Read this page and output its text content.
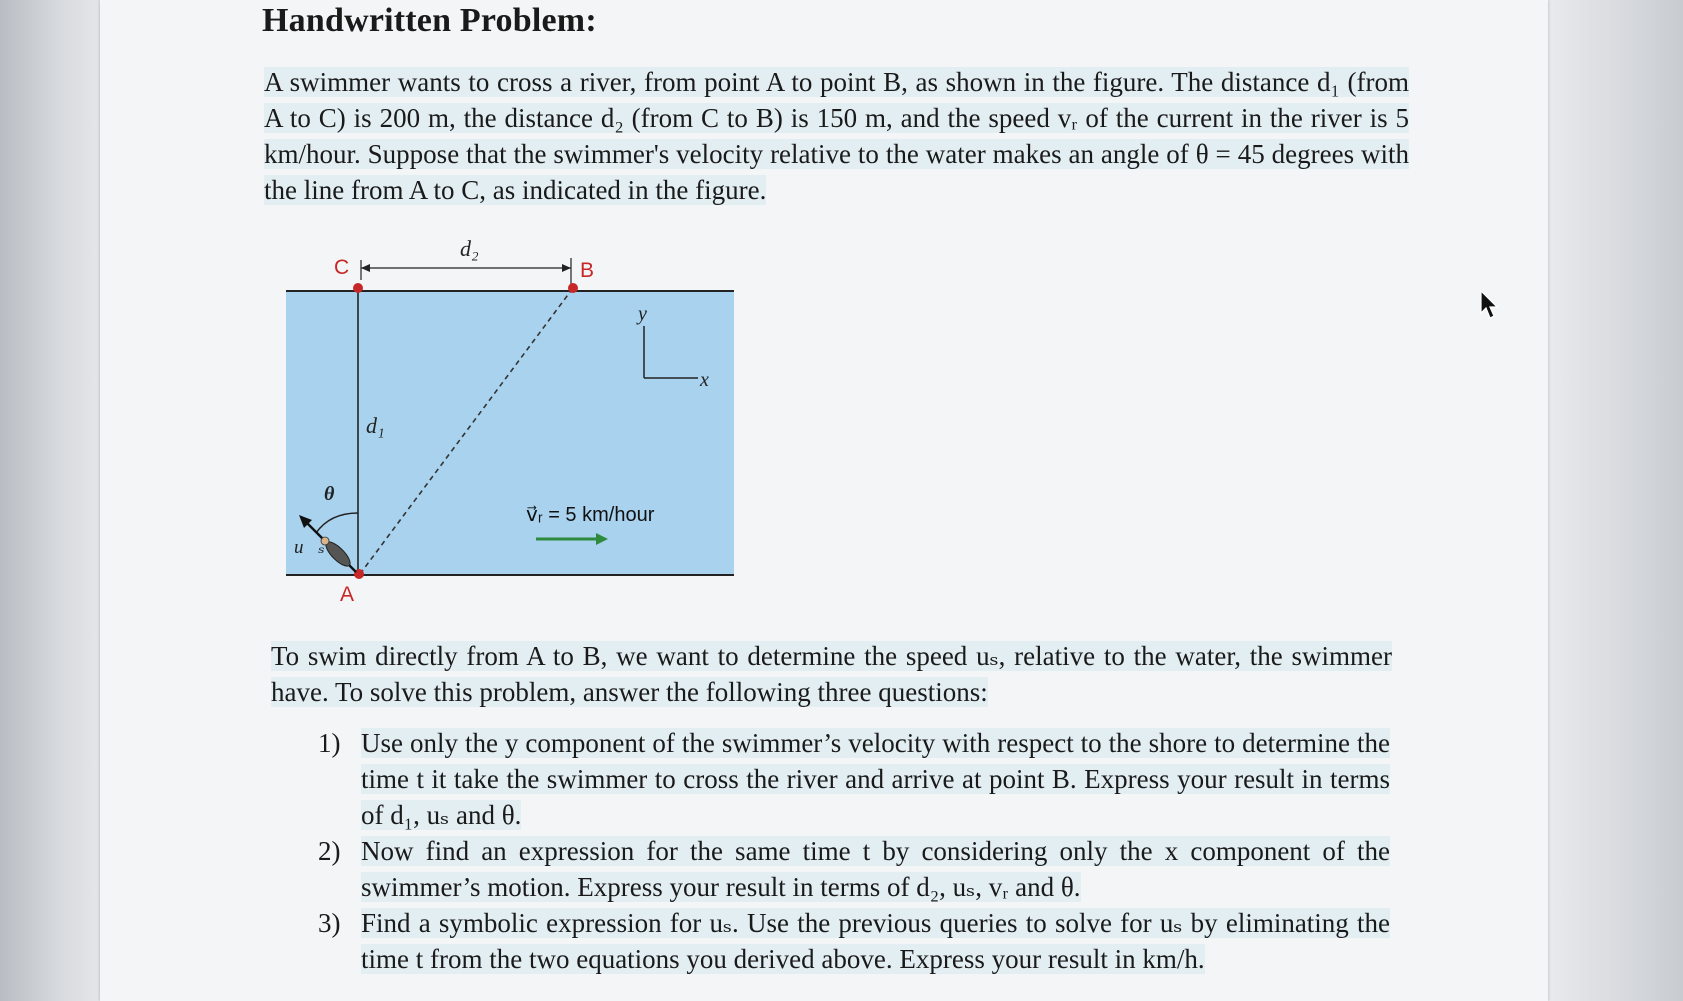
Handwritten Problem:

A swimmer wants to cross a river, from point A to point B, as shown in the figure. The distance d₁ (from A to C) is 200 m, the distance d₂ (from C to B) is 150 m, and the speed vᵣ of the current in the river is 5 km/hour. Suppose that the swimmer's velocity relative to the water makes an angle of θ = 45 degrees with the line from A to C, as indicated in the figure.

C	B
A
d₂
d₁
y
x
θ
u⃗ₛ
v⃗ᵣ = 5 km/hour

To swim directly from A to B, we want to determine the speed uₛ, relative to the water, the swimmer have. To solve this problem, answer the following three questions:

1) Use only the y component of the swimmer’s velocity with respect to the shore to determine the time t it take the swimmer to cross the river and arrive at point B. Express your result in terms of d₁, uₛ and θ.
2) Now find an expression for the same time t by considering only the x component of the swimmer’s motion. Express your result in terms of d₂, uₛ, vᵣ and θ.
3) Find a symbolic expression for uₛ. Use the previous queries to solve for uₛ by eliminating the time t from the two equations you derived above. Express your result in km/h.
